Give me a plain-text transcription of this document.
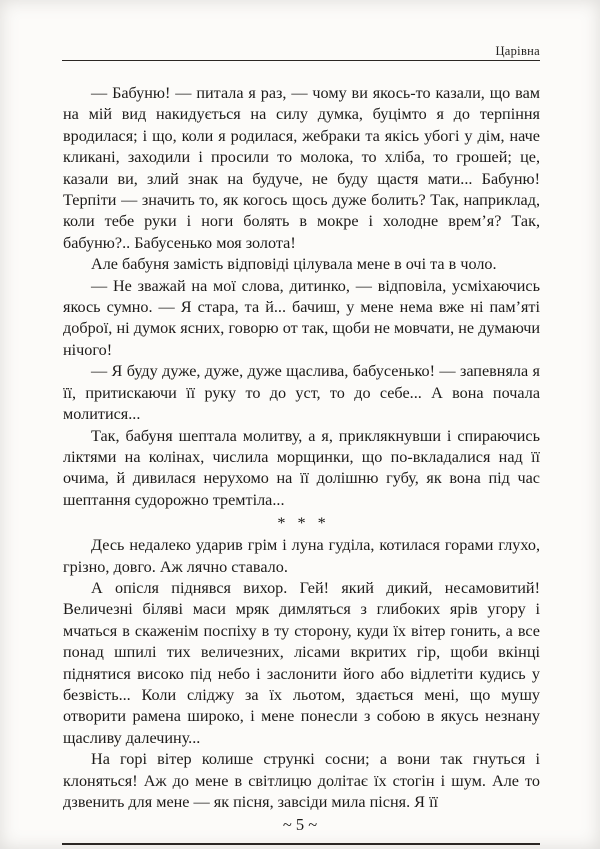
Царівна

— Бабуню! — питала я раз, — чому ви якось-то казали, що вам на мій вид накидується на силу думка, буцімто я до терпіння вродилася; і що, коли я родилася, жебраки та якісь убогі у дім, наче кликані, заходили і просили то молока, то хліба, то грошей; це, казали ви, злий знак на будуче, не буду щастя мати... Бабуню! Терпіти — значить то, як когось щось дуже болить? Так, наприклад, коли тебе руки і ноги болять в мокре і холодне врем’я? Так, бабуню?.. Бабусенько моя золота!

Але бабуня замість відповіді цілувала мене в очі та в чоло.

— Не зважай на мої слова, дитинко, — відповіла, усміхаючись якось сумно. — Я стара, та й... бачиш, у мене нема вже ні пам’яті доброї, ні думок ясних, говорю от так, щоби не мовчати, не думаючи нічого!

— Я буду дуже, дуже, дуже щаслива, бабусенько! — запевняла я її, притискаючи її руку то до уст, то до себе... А вона почала молитися...

Так, бабуня шептала молитву, а я, приклякнувши і спираючись ліктями на колінах, числила морщинки, що по-вкладалися над її очима, й дивилася нерухомо на її долішню губу, як вона під час шептання судорожно тремтіла...

* * *

Десь недалеко ударив грім і луна гуділа, котилася горами глухо, грізно, довго. Аж лячно ставало.

А опісля піднявся вихор. Гей! який дикий, несамовитий! Величезні біляві маси мряк димляться з глибоких ярів угору і мчаться в скаженім поспіху в ту сторону, куди їх вітер гонить, а все понад шпилі тих величезних, лісами вкритих гір, щоби вкінці піднятися високо під небо і заслонити його або відлетіти кудись у безвість... Коли сліджу за їх льотом, здається мені, що мушу отворити рамена широко, і мене понесли з собою в якусь незнану щасливу далечину...

На горі вітер колише стрункі сосни; а вони так гнуться і клоняться! Аж до мене в світлицю долітає їх стогін і шум. Але то дзвенить для мене — як пісня, завсіди мила пісня. Я її

~ 5 ~
